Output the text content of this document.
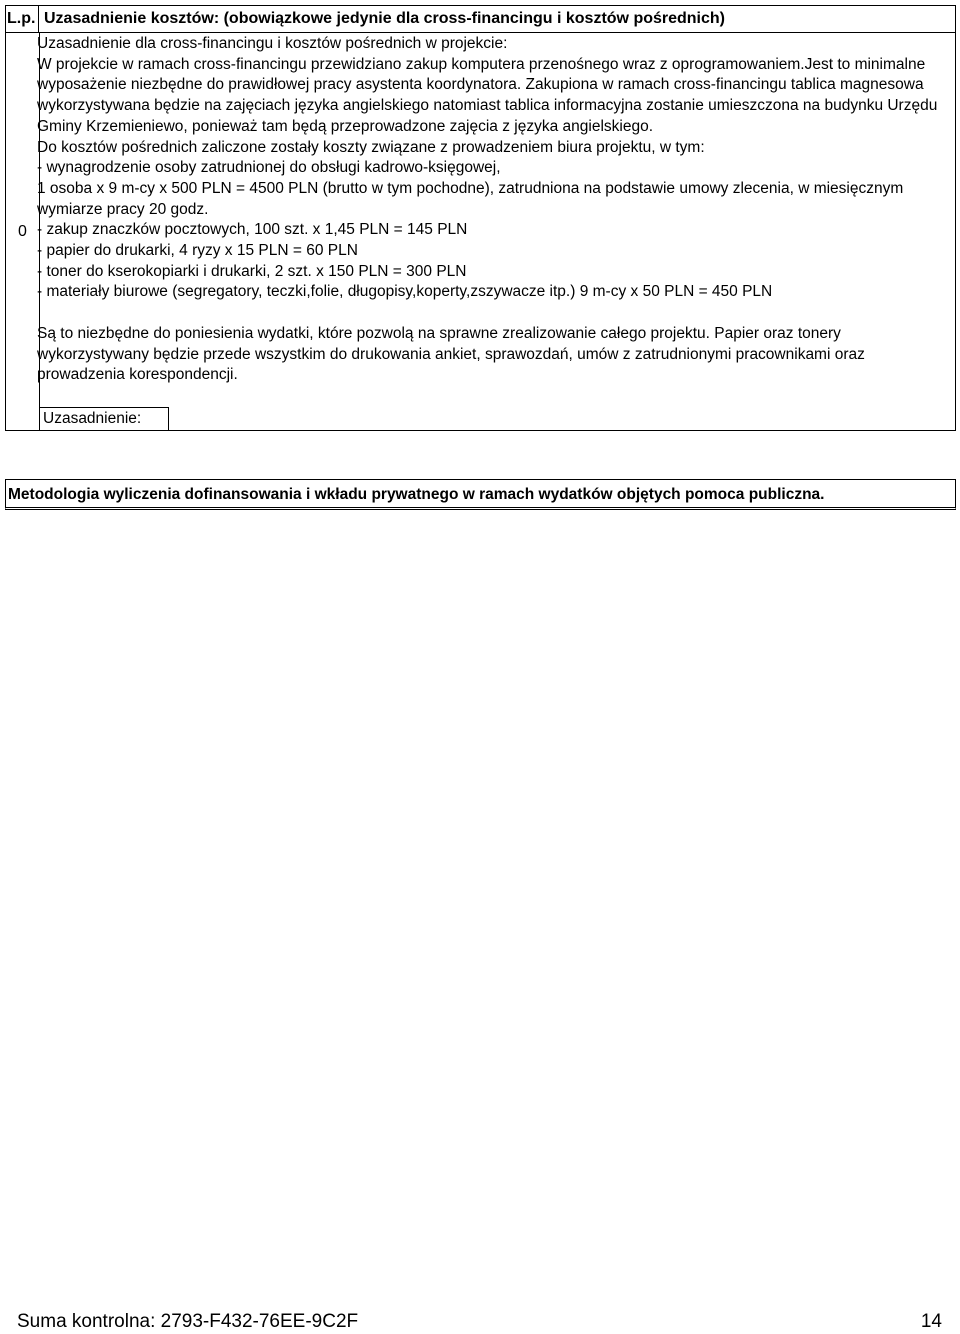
L.p. Uzasadnienie kosztów: (obowiązkowe jedynie dla cross-financingu i kosztów pośrednich)
0
Uzasadnienie:

Uzasadnienie dla cross-financingu i kosztów pośrednich w projekcie:

W projekcie w ramach cross-financingu przewidziano zakup komputera przenośnego wraz z oprogramowaniem.Jest to minimalne wyposażenie niezbędne do prawidłowej pracy asystenta koordynatora. Zakupiona w ramach cross-financingu tablica magnesowa wykorzystywana będzie na zajęciach języka angielskiego natomiast tablica informacyjna zostanie umieszczona na budynku Urzędu Gminy Krzemieniewo, ponieważ tam będą przeprowadzone zajęcia z języka angielskiego.

Do kosztów pośrednich zaliczone zostały koszty związane z prowadzeniem biura projektu, w tym:

- wynagrodzenie osoby zatrudnionej do obsługi kadrowo-księgowej,

1 osoba x 9 m-cy x 500 PLN = 4500 PLN (brutto w tym pochodne), zatrudniona na podstawie umowy zlecenia, w miesięcznym wymiarze pracy 20 godz.

- zakup znaczków pocztowych, 100 szt. x 1,45 PLN = 145 PLN

- papier do drukarki, 4 ryzy x 15 PLN = 60 PLN

- toner do kserokopiarki i drukarki, 2 szt. x 150 PLN = 300 PLN

- materiały biurowe (segregatory, teczki,folie, długopisy,koperty,zszywacze itp.) 9 m-cy x 50 PLN = 450 PLN

Są to niezbędne do poniesienia wydatki, które pozwolą na sprawne zrealizowanie całego projektu. Papier oraz tonery wykorzystywany będzie przede wszystkim do drukowania ankiet, sprawozdań, umów z zatrudnionymi pracownikami oraz prowadzenia korespondencji.

Metodologia wyliczenia dofinansowania i wkładu prywatnego w ramach wydatków objętych pomoca publiczna.
Suma kontrolna: 2793-F432-76EE-9C2F	14
